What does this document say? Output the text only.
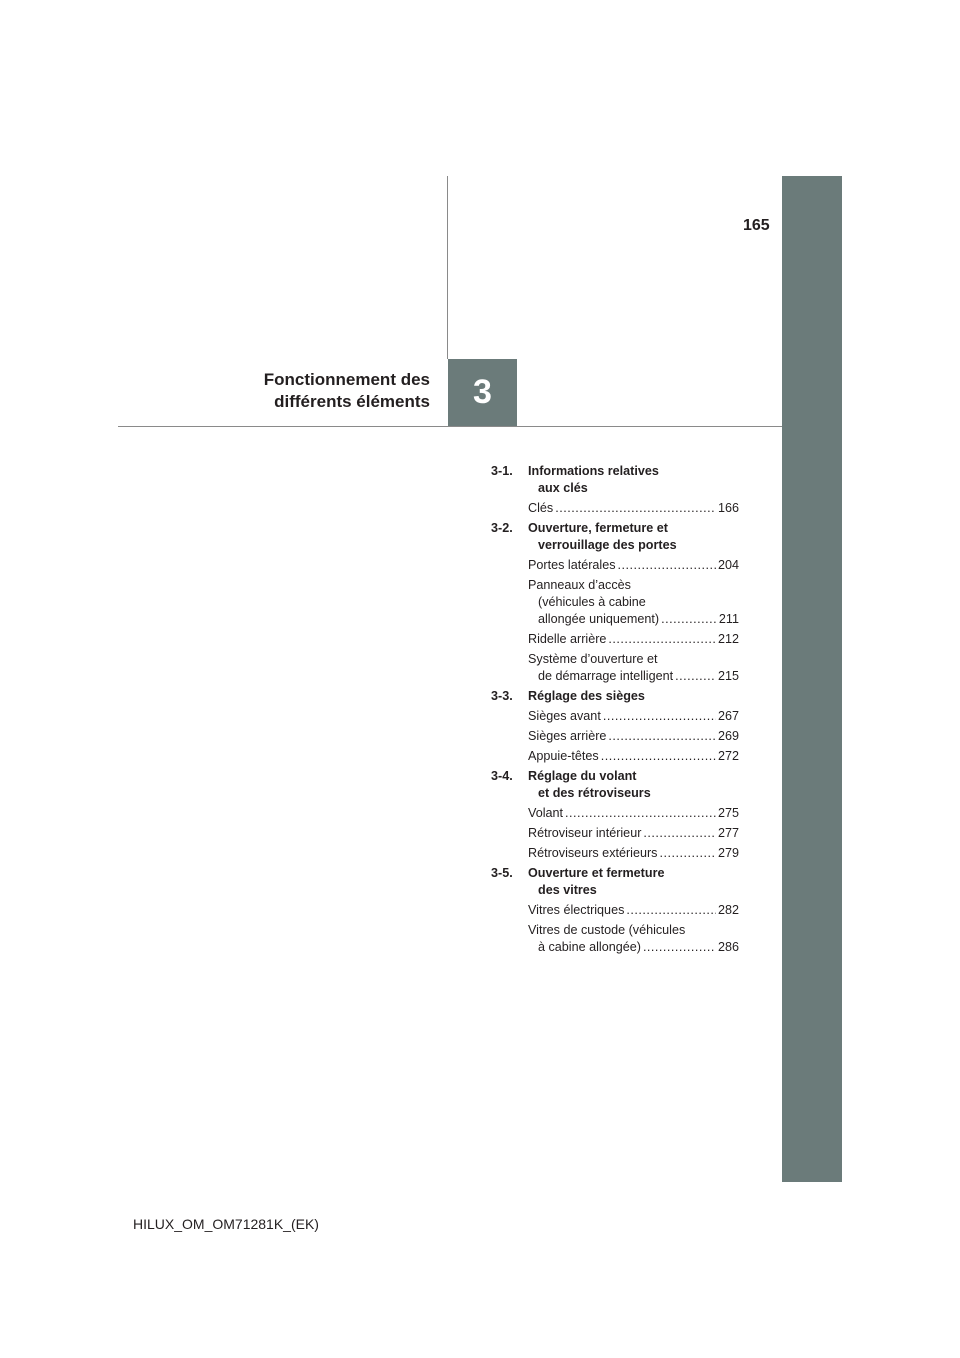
165
Fonctionnement des
différents éléments	3
3-1.	Informations relatives
aux clés
Clés .....	166
3-2.	Ouverture, fermeture et
verrouillage des portes
Portes latérales .....	204
Panneaux d’accès
(véhicules à cabine
allongée uniquement) .....	211
Ridelle arrière .....	212
Système d’ouverture et
de démarrage intelligent .....	215
3-3.	Réglage des sièges
Sièges avant .....	267
Sièges arrière .....	269
Appuie-têtes .....	272
3-4.	Réglage du volant
et des rétroviseurs
Volant .....	275
Rétroviseur intérieur .....	277
Rétroviseurs extérieurs .....	279
3-5.	Ouverture et fermeture
des vitres
Vitres électriques .....	282
Vitres de custode (véhicules
à cabine allongée) .....	286
HILUX_OM_OM71281K_(EK)
